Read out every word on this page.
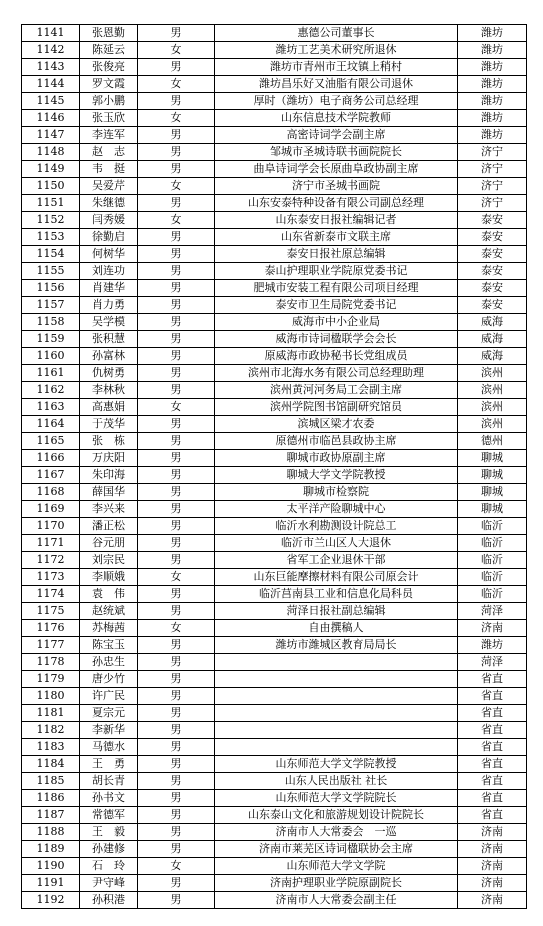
1141	张恩勤	男	惠德公司董事长	潍坊
1142	陈延云	女	潍坊工艺美术研究所退休	潍坊
1143	张俊亮	男	潍坊市青州市王坟镇上稍村	潍坊
1144	罗文霞	女	潍坊昌乐好又油脂有限公司退休	潍坊
1145	郭小鹏	男	厚时（潍坊）电子商务公司总经理	潍坊
1146	张玉欣	女	山东信息技术学院教师	潍坊
1147	李连军	男	高密诗词学会副主席	潍坊
1148	赵　志	男	邹城市圣城诗联书画院院长	济宁
1149	韦　挺	男	曲阜诗词学会长原曲阜政协副主席	济宁
1150	吴爱芹	女	济宁市圣城书画院	济宁
1151	朱继德	男	山东安泰特种设备有限公司副总经理	济宁
1152	闫秀媛	女	山东泰安日报社编辑记者	泰安
1153	徐勤启	男	山东省新泰市文联主席	泰安
1154	何树华	男	泰安日报社原总编辑	泰安
1155	刘连功	男	泰山护理职业学院原党委书记	泰安
1156	肖建华	男	肥城市安装工程有限公司项目经理	泰安
1157	肖力勇	男	泰安市卫生局院党委书记	泰安
1158	吴学模	男	威海市中小企业局	威海
1159	张积慧	男	威海市诗词楹联学会会长	威海
1160	孙富林	男	原威海市政协秘书长党组成员	威海
1161	仇树勇	男	滨州市北海水务有限公司总经理助理	滨州
1162	李林秋	男	滨州黄河河务局工会副主席	滨州
1163	高惠娟	女	滨州学院图书馆副研究馆员	滨州
1164	于茂华	男	滨城区梁才农委	滨州
1165	张　栋	男	原德州市临邑县政协主席	德州
1166	万庆阳	男	聊城市政协原副主席	聊城
1167	朱印海	男	聊城大学文学院教授	聊城
1168	薛国华	男	聊城市检察院	聊城
1169	李兴来	男	太平洋产险聊城中心	聊城
1170	潘正松	男	临沂水利勘测设计院总工	临沂
1171	谷元朋	男	临沂市兰山区人大退休	临沂
1172	刘宗民	男	省军工企业退休干部	临沂
1173	李顺娥	女	山东巨能摩擦材料有限公司原会计	临沂
1174	袁　伟	男	临沂莒南县工业和信息化局科员	临沂
1175	赵统斌	男	菏泽日报社副总编辑	菏泽
1176	苏梅茜	女	自由撰稿人	济南
1177	陈宝玉	男	潍坊市潍城区教育局局长	潍坊
1178	孙忠生	男		菏泽
1179	唐少竹	男		省直
1180	许广民	男		省直
1181	夏宗元	男		省直
1182	李新华	男		省直
1183	马德水	男		省直
1184	王　勇	男	山东师范大学文学院教授	省直
1185	胡长青	男	山东人民出版社 社长	省直
1186	孙书文	男	山东师范大学文学院院长	省直
1187	常德军	男	山东泰山文化和旅游规划设计院院长	省直
1188	王　毅	男	济南市人大常委会　一巡	济南
1189	孙建修	男	济南市莱芜区诗词楹联协会主席	济南
1190	石　玲	女	山东师范大学文学院	济南
1191	尹守峰	男	济南护理职业学院原副院长	济南
1192	孙积港	男	济南市人大常委会副主任	济南
